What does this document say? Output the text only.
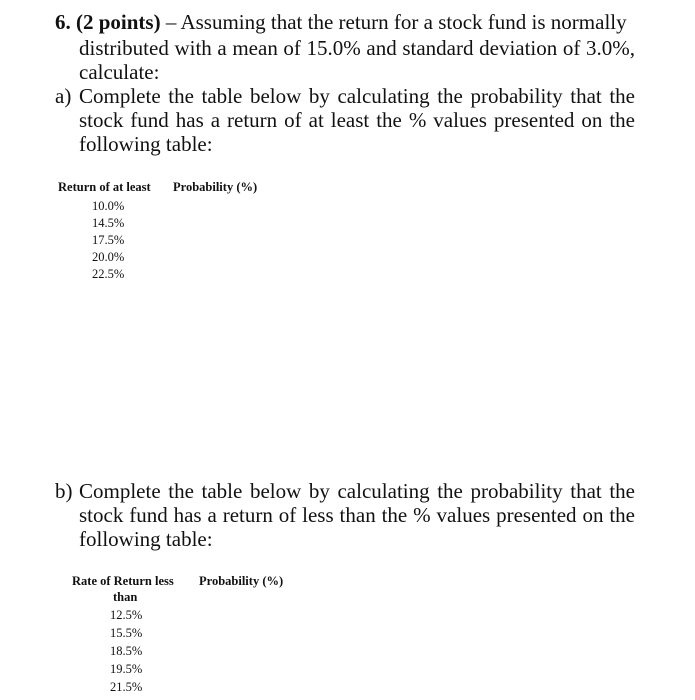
6. (2 points) – Assuming that the return for a stock fund is normally
distributed with a mean of 15.0% and standard deviation of 3.0%,
calculate:
a) Complete the table below by calculating the probability that the
stock fund has a return of at least the % values presented on the
following table:
Return of at least Probability (%)
10.0%
14.5%
17.5%
20.0%
22.5%
b) Complete the table below by calculating the probability that the
stock fund has a return of less than the % values presented on the
following table:
Rate of Return less
than
Probability (%)
12.5%
15.5%
18.5%
19.5%
21.5%
